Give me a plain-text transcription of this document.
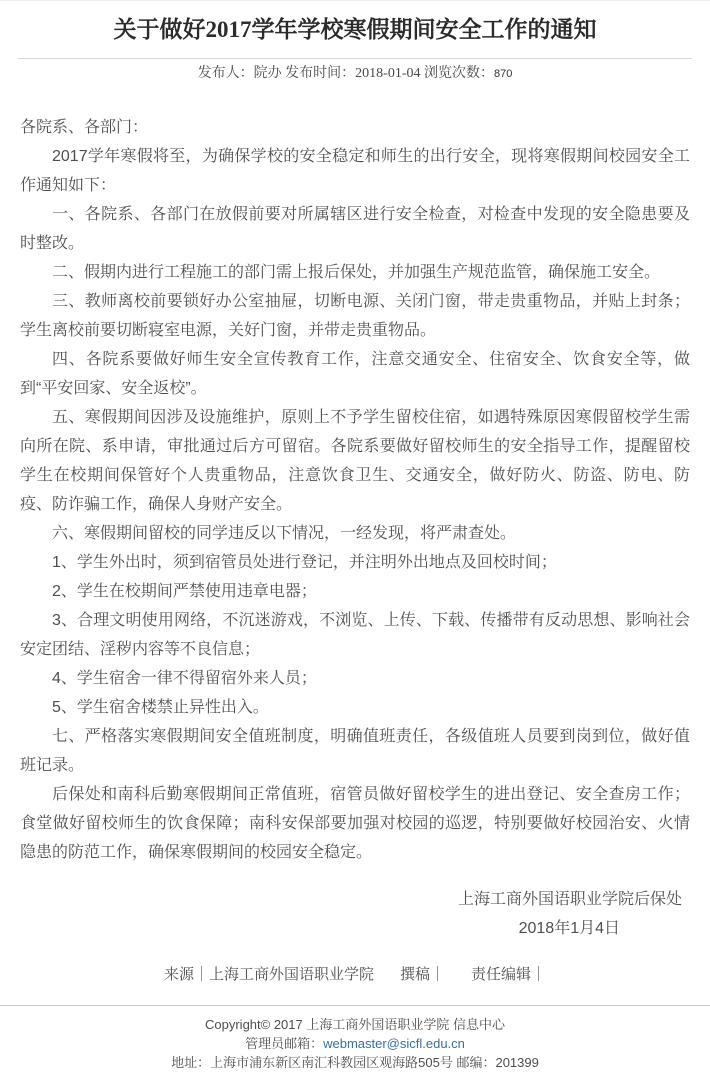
关于做好2017学年学校寒假期间安全工作的通知
发布人：院办 发布时间：2018-01-04 浏览次数：870

各院系、各部门：

2017学年寒假将至，为确保学校的安全稳定和师生的出行安全，现将寒假期间校园安全工作通知如下：

一、各院系、各部门在放假前要对所属辖区进行安全检查，对检查中发现的安全隐患要及时整改。

二、假期内进行工程施工的部门需上报后保处，并加强生产规范监管，确保施工安全。

三、教师离校前要锁好办公室抽屉，切断电源、关闭门窗，带走贵重物品，并贴上封条；学生离校前要切断寝室电源，关好门窗，并带走贵重物品。

四、各院系要做好师生安全宣传教育工作，注意交通安全、住宿安全、饮食安全等，做到“平安回家、安全返校”。

五、寒假期间因涉及设施维护，原则上不予学生留校住宿，如遇特殊原因寒假留校学生需向所在院、系申请，审批通过后方可留宿。各院系要做好留校师生的安全指导工作，提醒留校学生在校期间保管好个人贵重物品，注意饮食卫生、交通安全，做好防火、防盗、防电、防疫、防诈骗工作，确保人身财产安全。

六、寒假期间留校的同学违反以下情况，一经发现，将严肃查处。

1、学生外出时，须到宿管员处进行登记，并注明外出地点及回校时间；

2、学生在校期间严禁使用违章电器；

3、合理文明使用网络，不沉迷游戏，不浏览、上传、下载、传播带有反动思想、影响社会安定团结、淫秽内容等不良信息；

4、学生宿舍一律不得留宿外来人员；

5、学生宿舍楼禁止异性出入。

七、严格落实寒假期间安全值班制度，明确值班责任，各级值班人员要到岗到位，做好值班记录。

后保处和南科后勤寒假期间正常值班，宿管员做好留校学生的进出登记、安全查房工作；食堂做好留校师生的饮食保障；南科安保部要加强对校园的巡逻，特别要做好校园治安、火情隐患的防范工作，确保寒假期间的校园安全稳定。

上海工商外国语职业学院后保处
2018年1月4日
来源｜上海工商外国语职业学院 撰稿｜ 责任编辑｜
Copyright© 2017 上海工商外国语职业学院 信息中心
管理员邮箱：webmaster@sicfl.edu.cn
地址：上海市浦东新区南汇科教园区观海路505号 邮编：201399
